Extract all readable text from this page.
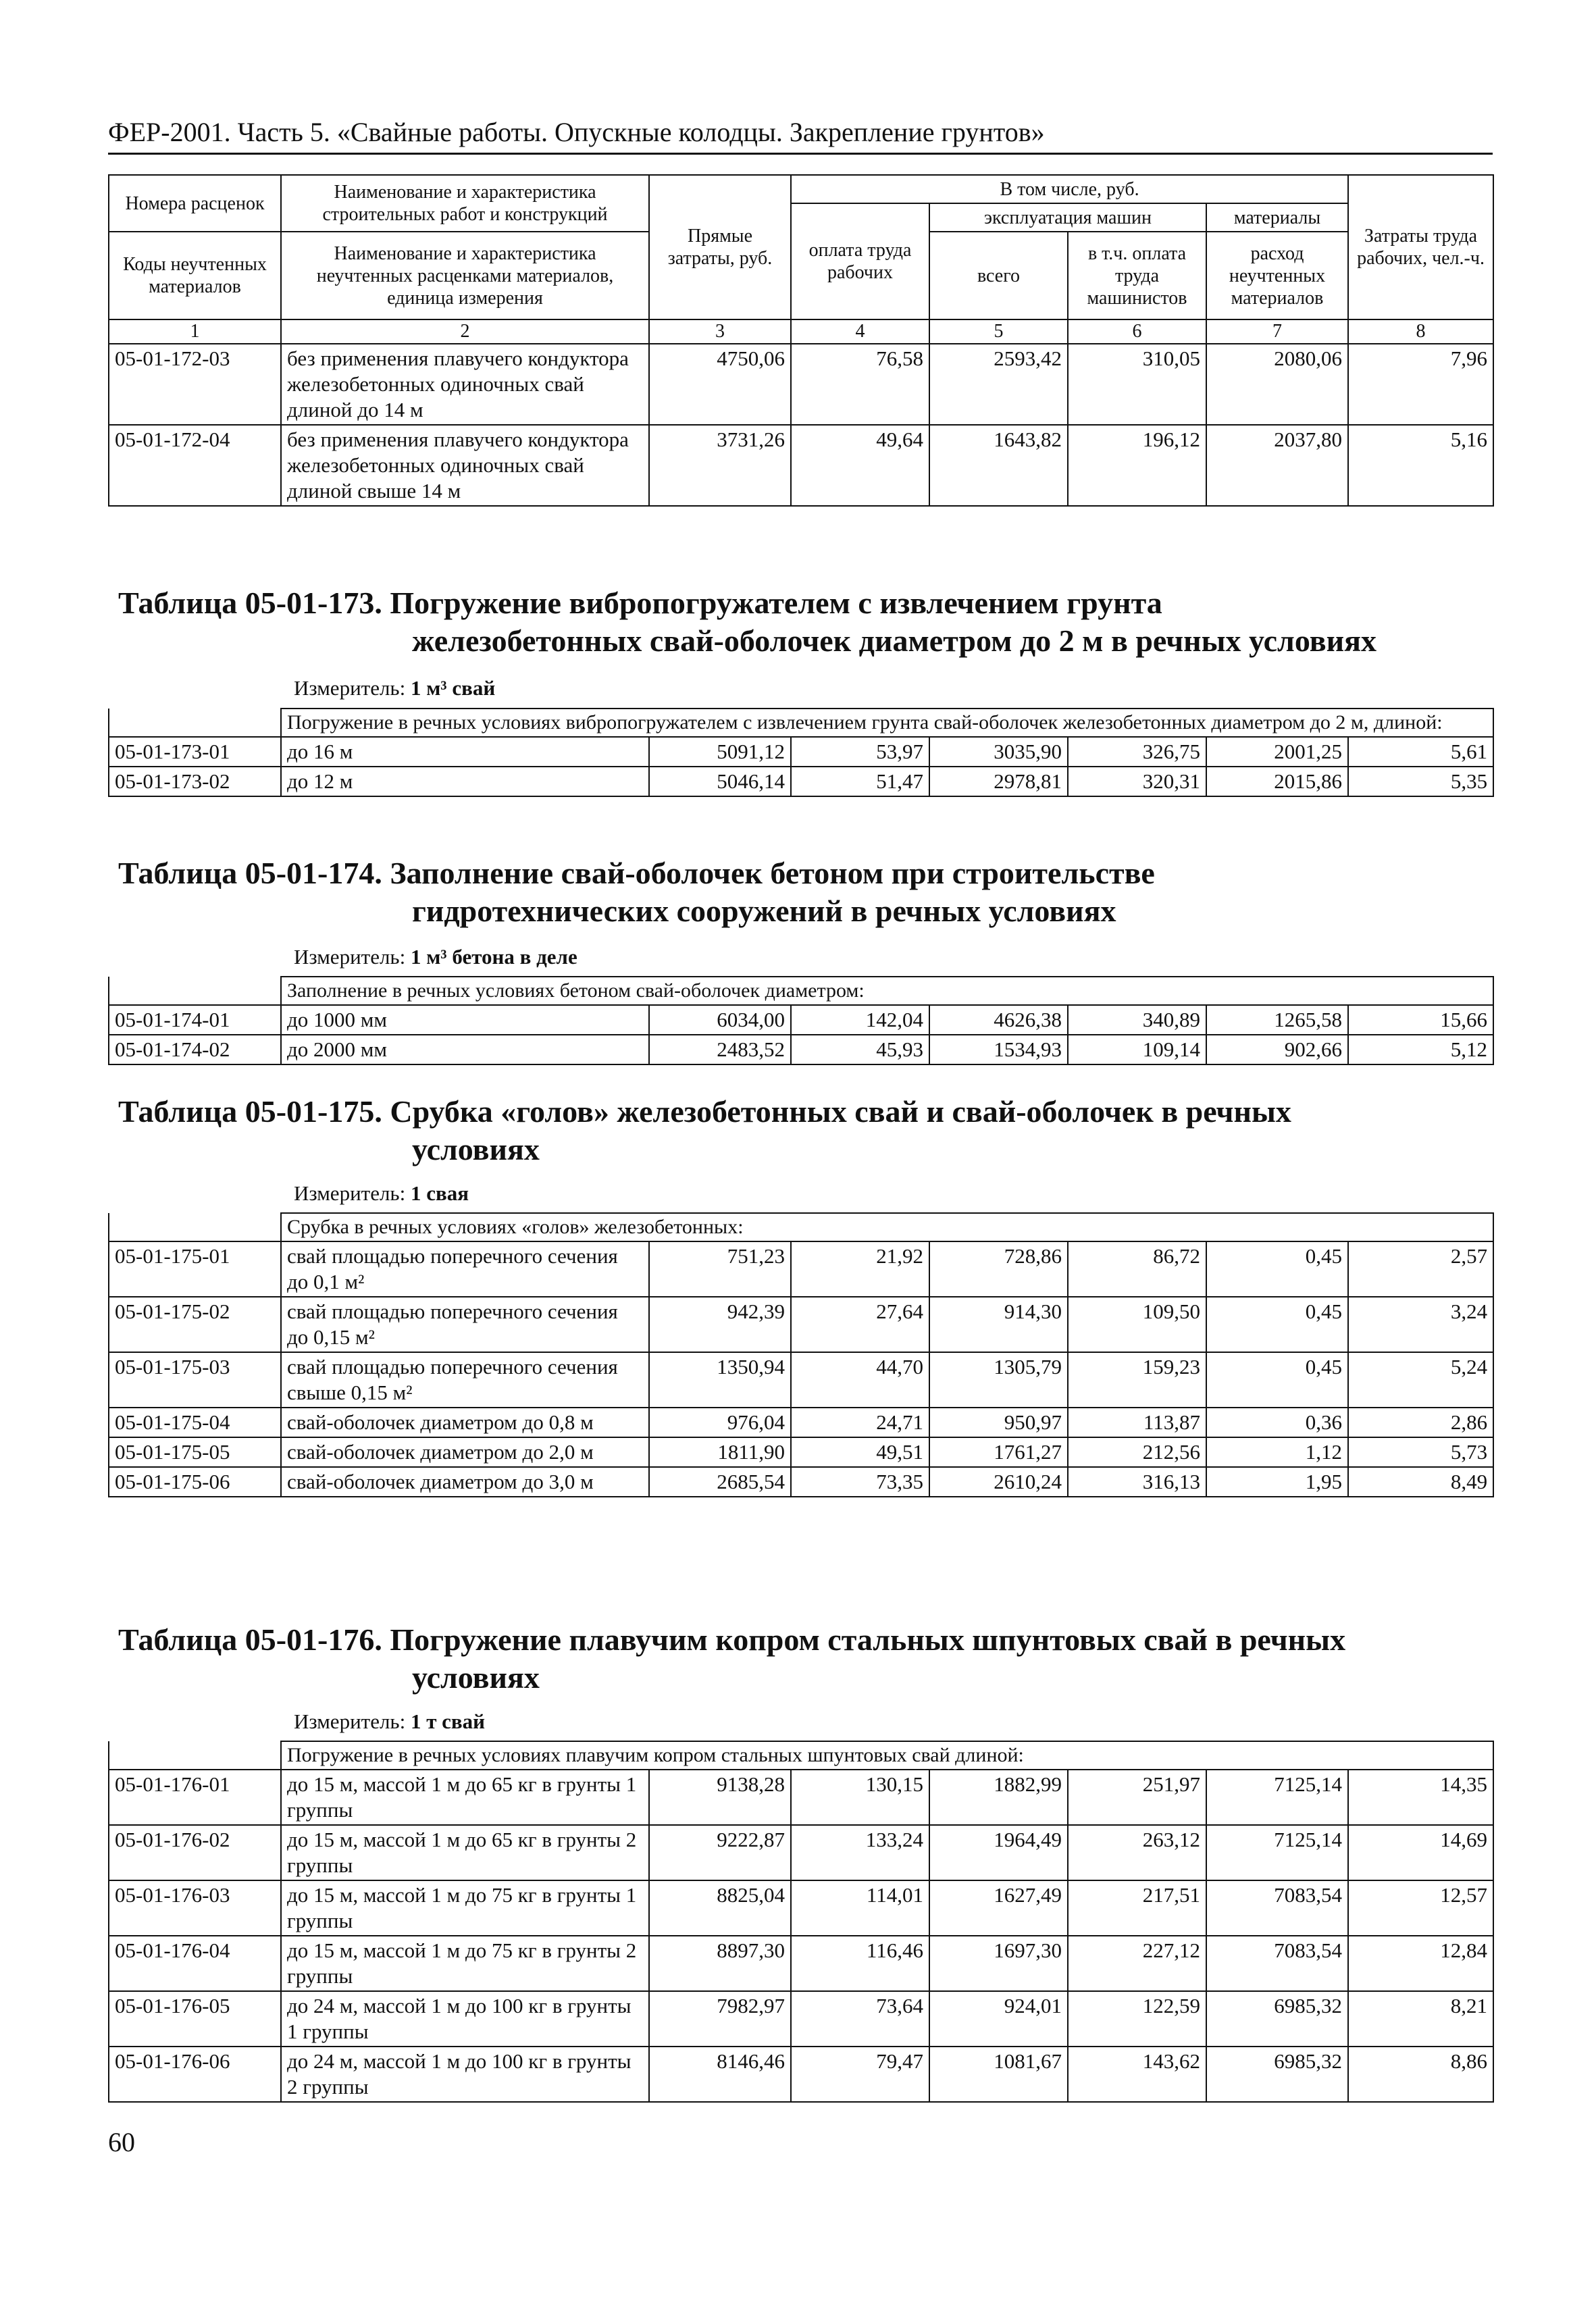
ФЕР-2001. Часть 5. «Свайные работы. Опускные колодцы. Закрепление грунтов»
Номера расценок	Наименование и характеристика строительных работ и конструкций	Прямые затраты, руб.	В том числе, руб.				Затраты труда рабочих, чел.-ч.
			оплата труда рабочих	эксплуатация машин		материалы	
Коды неучтенных материалов	Наименование и характеристика неучтенных расценками материалов, единица измерения			всего	в т.ч. оплата труда машинистов	расход неучтенных материалов	

1	2	3	4	5	6	7	8
05-01-172-03	без применения плавучего кондуктора железобетонных одиночных свай длиной до 14 м	4750,06	76,58	2593,42	310,05	2080,06	7,96
05-01-172-04	без применения плавучего кондуктора железобетонных одиночных свай длиной свыше 14 м	3731,26	49,64	1643,82	196,12	2037,80	5,16

Таблица 05-01-173. Погружение вибропогружателем с извлечением грунта
железобетонных свай-оболочек диаметром до 2 м в речных условиях
Измеритель: 1 м³ свай
	Погружение в речных условиях вибропогружателем с извлечением грунта свай-оболочек железобетонных диаметром до 2 м, длиной:						
05-01-173-01	до 16 м	5091,12	53,97	3035,90	326,75	2001,25	5,61
05-01-173-02	до 12 м	5046,14	51,47	2978,81	320,31	2015,86	5,35
Таблица 05-01-174. Заполнение свай-оболочек бетоном при строительстве
гидротехнических сооружений в речных условиях
Измеритель: 1 м³ бетона в деле
	Заполнение в речных условиях бетоном свай-оболочек диаметром:						
05-01-174-01	до 1000 мм	6034,00	142,04	4626,38	340,89	1265,58	15,66
05-01-174-02	до 2000 мм	2483,52	45,93	1534,93	109,14	902,66	5,12
Таблица 05-01-175. Срубка «голов» железобетонных свай и свай-оболочек в речных
условиях
Измеритель: 1 свая
	Срубка в речных условиях «голов» железобетонных:						
05-01-175-01	свай площадью поперечного сечения до 0,1 м²	751,23	21,92	728,86	86,72	0,45	2,57
05-01-175-02	свай площадью поперечного сечения до 0,15 м²	942,39	27,64	914,30	109,50	0,45	3,24
05-01-175-03	свай площадью поперечного сечения свыше 0,15 м²	1350,94	44,70	1305,79	159,23	0,45	5,24
05-01-175-04	свай-оболочек диаметром до 0,8 м	976,04	24,71	950,97	113,87	0,36	2,86
05-01-175-05	свай-оболочек диаметром до 2,0 м	1811,90	49,51	1761,27	212,56	1,12	5,73
05-01-175-06	свай-оболочек диаметром до 3,0 м	2685,54	73,35	2610,24	316,13	1,95	8,49
Таблица 05-01-176. Погружение плавучим копром стальных шпунтовых свай в речных
условиях
Измеритель: 1 т свай
	Погружение в речных условиях плавучим копром стальных шпунтовых свай длиной:						
05-01-176-01	до 15 м, массой 1 м до 65 кг в грунты 1 группы	9138,28	130,15	1882,99	251,97	7125,14	14,35
05-01-176-02	до 15 м, массой 1 м до 65 кг в грунты 2 группы	9222,87	133,24	1964,49	263,12	7125,14	14,69
05-01-176-03	до 15 м, массой 1 м до 75 кг в грунты 1 группы	8825,04	114,01	1627,49	217,51	7083,54	12,57
05-01-176-04	до 15 м, массой 1 м до 75 кг в грунты 2 группы	8897,30	116,46	1697,30	227,12	7083,54	12,84
05-01-176-05	до 24 м, массой 1 м до 100 кг в грунты 1 группы	7982,97	73,64	924,01	122,59	6985,32	8,21
05-01-176-06	до 24 м, массой 1 м до 100 кг в грунты 2 группы	8146,46	79,47	1081,67	143,62	6985,32	8,86
60
